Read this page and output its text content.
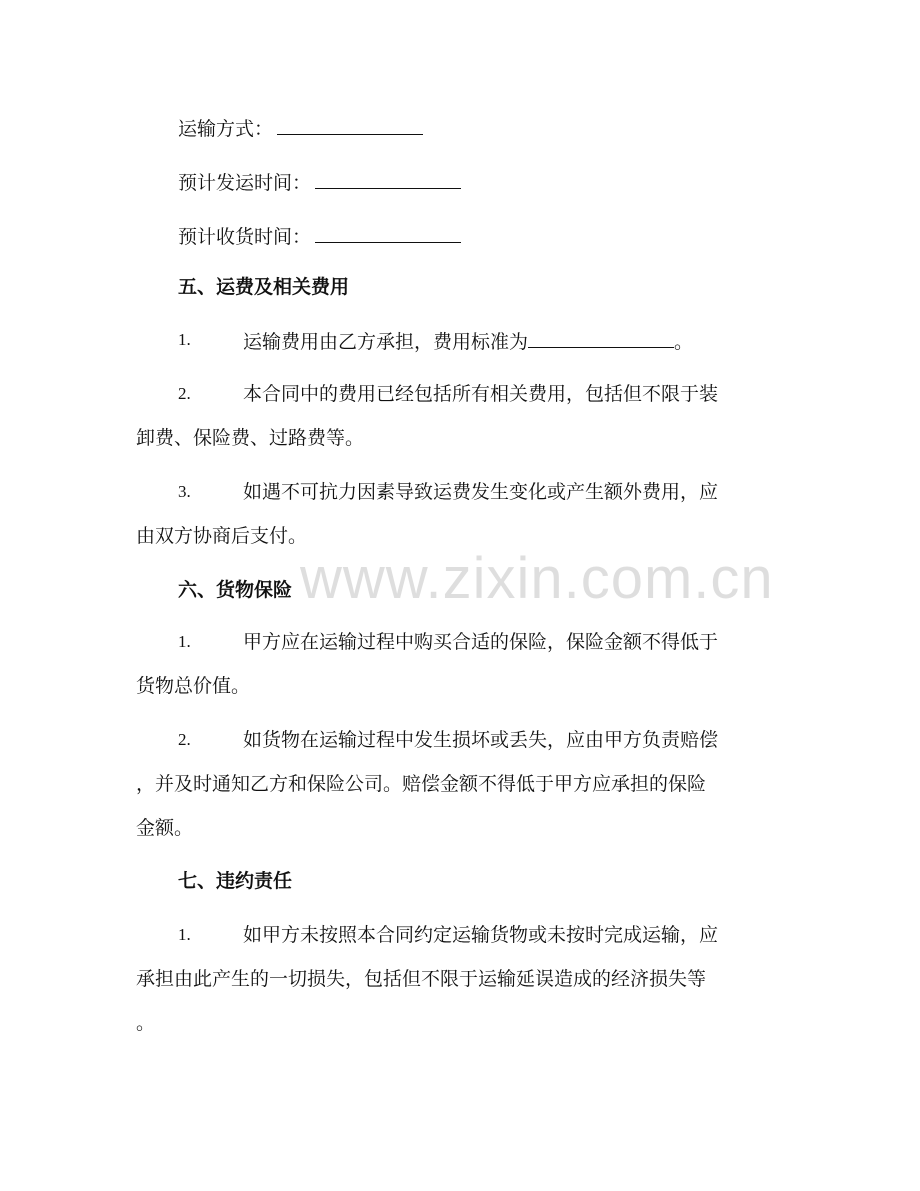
运输方式：
预计发运时间：
预计收货时间：
五、运费及相关费用
1.	运输费用由乙方承担，费用标准为	。
2.	本合同中的费用已经包括所有相关费用，包括但不限于装
卸费、保险费、过路费等。
3.	如遇不可抗力因素导致运费发生变化或产生额外费用，应
由双方协商后支付。
六、货物保险
1.	甲方应在运输过程中购买合适的保险，保险金额不得低于
货物总价值。
2.	如货物在运输过程中发生损坏或丢失，应由甲方负责赔偿
，并及时通知乙方和保险公司。赔偿金额不得低于甲方应承担的保险
金额。
七、违约责任
1.	如甲方未按照本合同约定运输货物或未按时完成运输，应
承担由此产生的一切损失，包括但不限于运输延误造成的经济损失等
。
www.zixin.com.cn
